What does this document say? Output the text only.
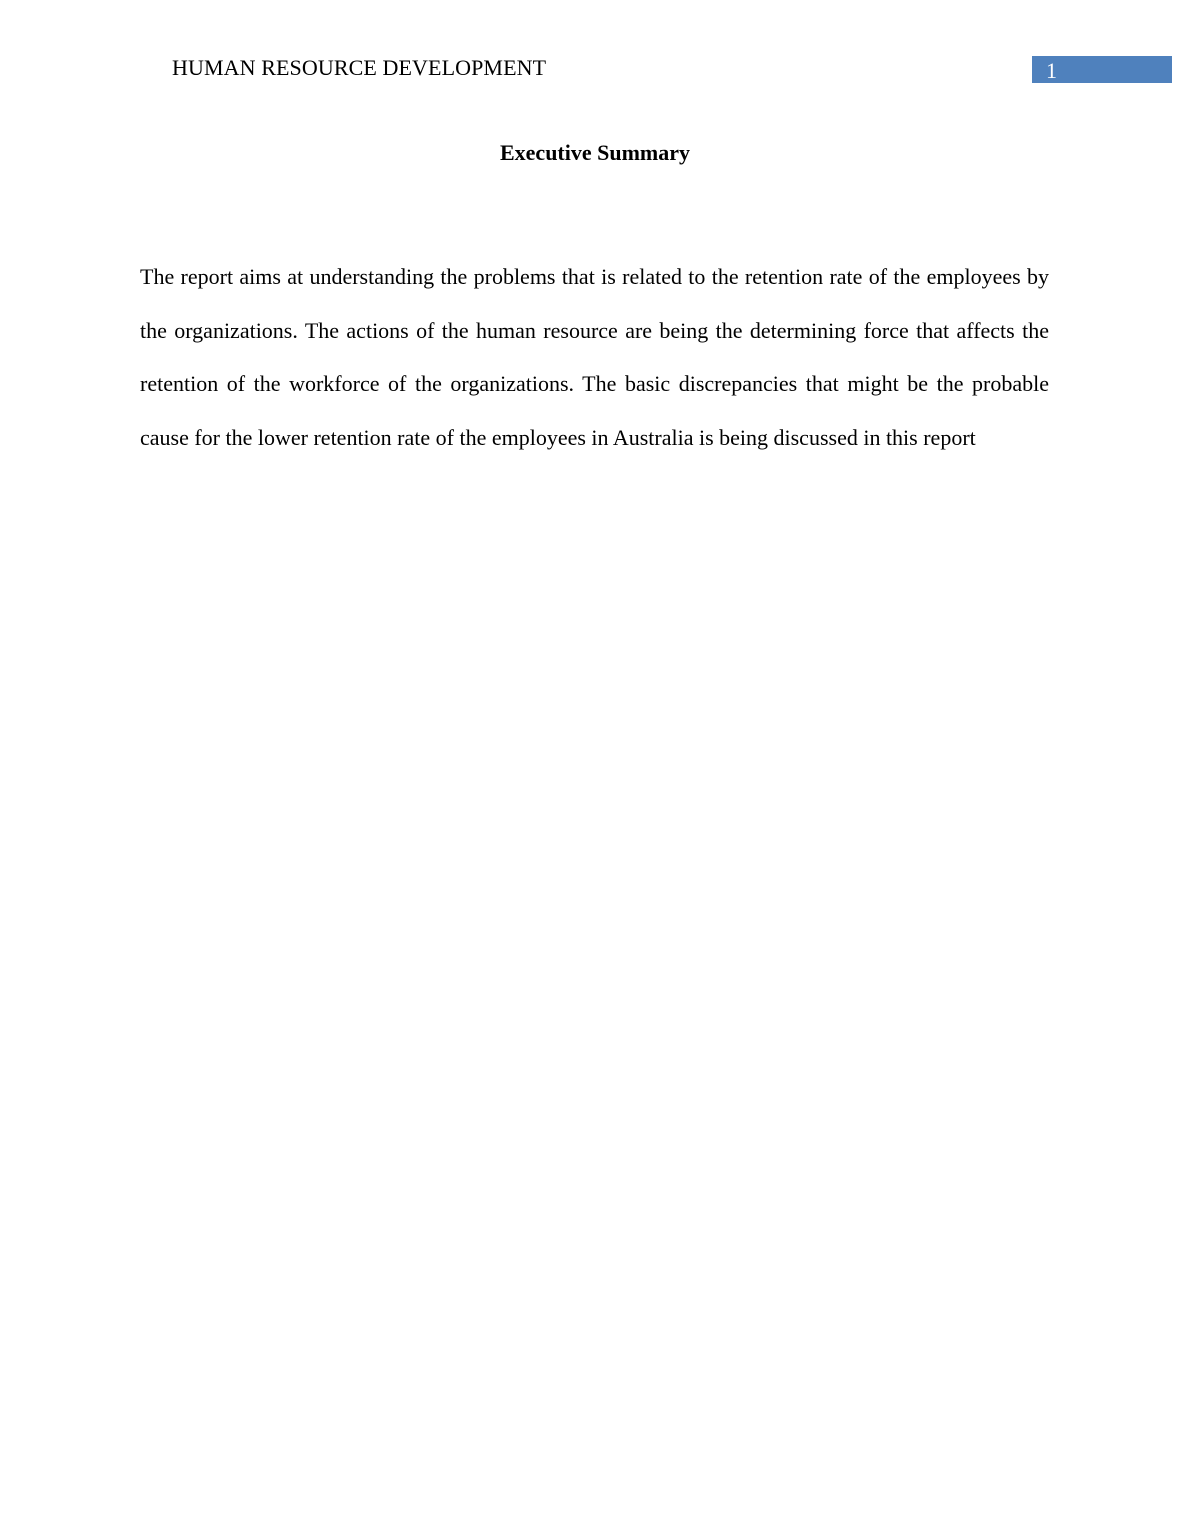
HUMAN RESOURCE DEVELOPMENT	1
Executive Summary

The report aims at understanding the problems that is related to the retention rate of the employees by the organizations. The actions of the human resource are being the determining force that affects the retention of the workforce of the organizations. The basic discrepancies that might be the probable cause for the lower retention rate of the employees in Australia is being discussed in this report
